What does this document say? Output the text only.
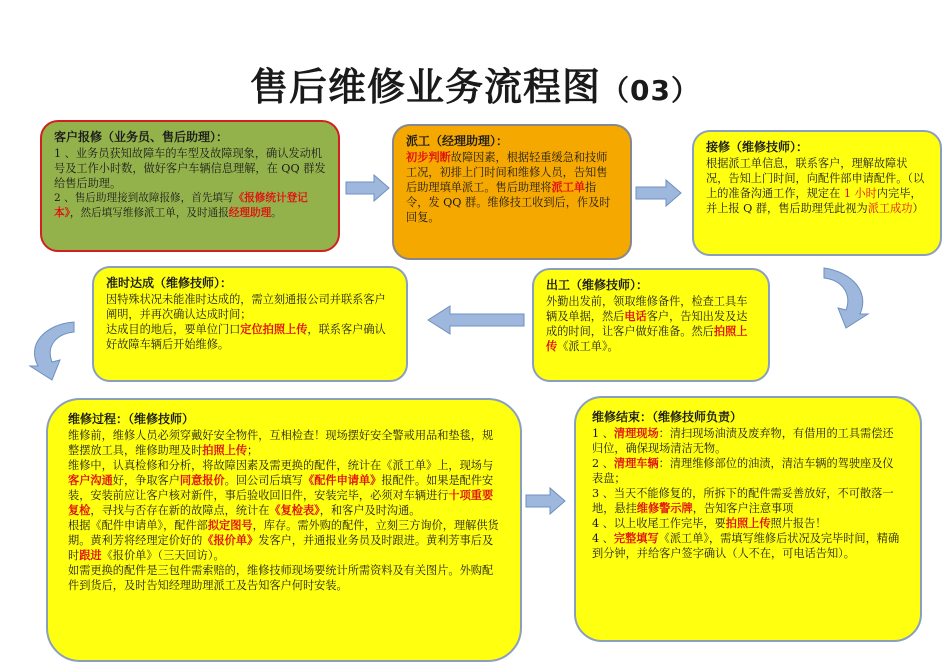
售后维修业务流程图（03）
客户报修（业务员、售后助理）：

1 、业务员获知故障车的车型及故障现象，确认发动机号及工作小时数，做好客户车辆信息理解，在 QQ 群发给售后助理。

2 、售后助理接到故障报修，首先填写《报修统计登记本》，然后填写维修派工单，及时通报经理助理。

派工（经理助理）：

初步判断故障因素，根据轻重缓急和技师工况，初排上门时间和维修人员，告知售后助理填单派工。售后助理将派工单指令，发 QQ 群。维修技工收到后，作及时回复。

接修（维修技师）：

根据派工单信息，联系客户，理解故障状况，告知上门时间，向配件部申请配件。（以上的准备沟通工作，规定在 1 小时内完毕，并上报 Q 群，售后助理凭此视为派工成功）

准时达成（维修技师）：

因特殊状况未能准时达成的，需立刻通报公司并联系客户阐明，并再次确认达成时间；

达成目的地后，要单位门口定位拍照上传，联系客户确认好故障车辆后开始维修。

出工（维修技师）：

外勤出发前，领取维修备件，检查工具车辆及单据，然后电话客户，告知出发及达成的时间，让客户做好准备。然后拍照上传《派工单》。

维修过程：（维修技师）

维修前，维修人员必须穿戴好安全物件，互相检查！现场摆好安全警戒用品和垫毯，规整摆放工具，维修助理及时拍照上传；

维修中，认真检修和分析，将故障因素及需更换的配件，统计在《派工单》上，现场与客户沟通好，争取客户同意报价。回公司后填写《配件申请单》报配件。如果是配件安装，安装前应让客户核对新件，事后验收回旧件，安装完毕，必须对车辆进行十项重要复检，寻找与否存在新的故障点，统计在《复检表》，和客户及时沟通。

根据《配件申请单》，配件部拟定图号，库存。需外购的配件，立刻三方询价，理解供货期。黄利芳将经理定价好的《报价单》发客户，并通报业务员及时跟进。黄利芳事后及时跟进《报价单》（三天回访）。

如需更换的配件是三包件需索赔的，维修技师现场要统计所需资料及有关图片。外购配件到货后，及时告知经理助理派工及告知客户何时安装。

维修结束：（维修技师负责）

1 、清理现场：清扫现场油渍及废弃物，有借用的工具需偿还归位，确保现场清洁无物。

2 、清理车辆：清理维修部位的油渍，清洁车辆的驾驶座及仪表盘；

3 、当天不能修复的，所拆下的配件需妥善放好，不可散落一地，悬挂维修警示牌，告知客户注意事项

4 、以上收尾工作完毕，要拍照上传照片报告！

4 、完整填写《派工单》，需填写维修后状况及完毕时间，精确到分钟，并给客户签字确认（人不在，可电话告知）。
